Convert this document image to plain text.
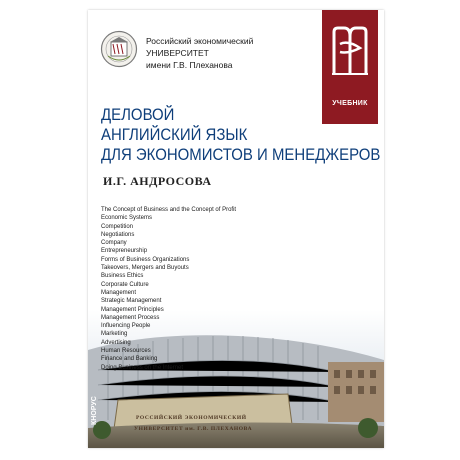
Российский экономический
УНИВЕРСИТЕТ
имени Г.В. Плеханова
УЧЕБНИК
ДЕЛОВОЙ
АНГЛИЙСКИЙ ЯЗЫК
ДЛЯ ЭКОНОМИСТОВ И МЕНЕДЖЕРОВ
И.Г. АНДРОСОВА
The Concept of Business and the Concept of Profit
Economic Systems
Competition
Negotiations
Company
Entrepreneurship
Forms of Business Organizations
Takeovers, Mergers and Buyouts
Business Ethics
Corporate Culture
Management
Strategic Management
Management Principles
Management Process
Influencing People
Marketing
Advertising
Human Resources
Finance and Banking
Doing Business on the Internet
РОССИЙСКИЙ ЭКОНОМИЧЕСКИЙ
УНИВЕРСИТЕТ им. Г.В. ПЛЕХАНОВА
КНОРУС
